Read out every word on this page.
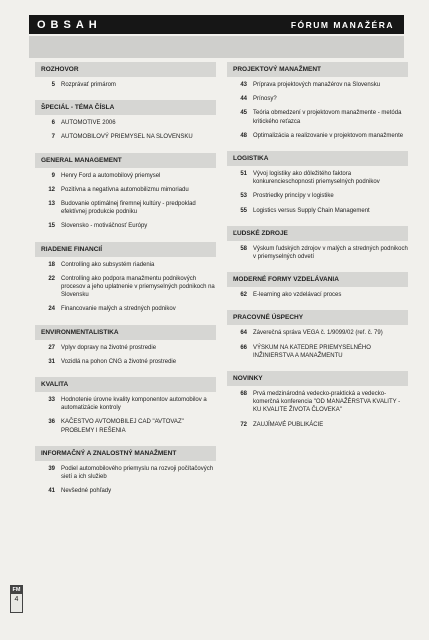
OBSAH	FÓRUM MANAŽÉRA
ROZHOVOR
5	Rozprávať primárom
ŠPECIÁL - TÉMA ČÍSLA
6	AUTOMOTIVE 2006
7	AUTOMOBILOVÝ PRIEMYSEL NA SLOVENSKU
GENERAL MANAGEMENT
9	Henry Ford a automobilový priemysel
12	Pozitívna a negatívna automobilizmu mimoriadu
13	Budovanie optimálnej firemnej kultúry - predpoklad efektívnej produkcie podniku
15	Slovensko - motiváčnosť Európy
RIADENIE FINANCIÍ
18	Controlling ako subsystém riadenia
22	Controlling ako podpora manažmentu podnikových procesov a jeho uplatnenie v priemyselných podnikoch na Slovensku
24	Financovanie malých a stredných podnikov
ENVIRONMENTALISTIKA
27	Vplyv dopravy na životné prostredie
31	Vozidlá na pohon CNG a životné prostredie
KVALITA
33	Hodnotenie úrovne kvality komponentov automobilov a automatizácie kontroly
36	KAČESTVO AVTOMOBILEJ CAD "AVTOVAZ" PROBLEMY I REŠENIA
INFORMAČNÝ A ZNALOSTNÝ MANAŽMENT
39	Podiel automobilového priemyslu na rozvoji počítačových sietí a ich služieb
41	Nevšedné pohľady
PROJEKTOVÝ MANAŽMENT
43	Príprava projektových manažérov na Slovensku
44	Prínosy?
45	Teória obmedzení v projektovom manažmente - metóda kritického reťazca
48	Optimalizácia a realizovanie v projektovom manažmente
LOGISTIKA
51	Vývoj logistiky ako dôležitého faktora konkurencieschopnosti priemyselných podnikov
53	Prostriedky princípy v logistike
55	Logistics versus Supply Chain Management
ĽUDSKÉ ZDROJE
58	Výskum ľudských zdrojov v malých a stredných podnikoch v priemyselných odvetí
MODERNÉ FORMY VZDELÁVANIA
62	E-learning ako vzdelávací proces
PRACOVNÉ ÚSPECHY
64	Záverečná správa VEGA č. 1/9099/02 (ref. č. 79)
66	VÝSKUM NA KATEDRE PRIEMYSELNÉHO INŽINIERSTVA A MANAŽMENTU
NOVINKY
68	Prvá medzinárodná vedecko-praktická a vedecko-komerčná konferencia "OD MANAŽÉRSTVA KVALITY - KU KVALITE ŽIVOTA ČLOVEKA"
72	ZAUJÍMAVÉ PUBLIKÁCIE
FM
4
